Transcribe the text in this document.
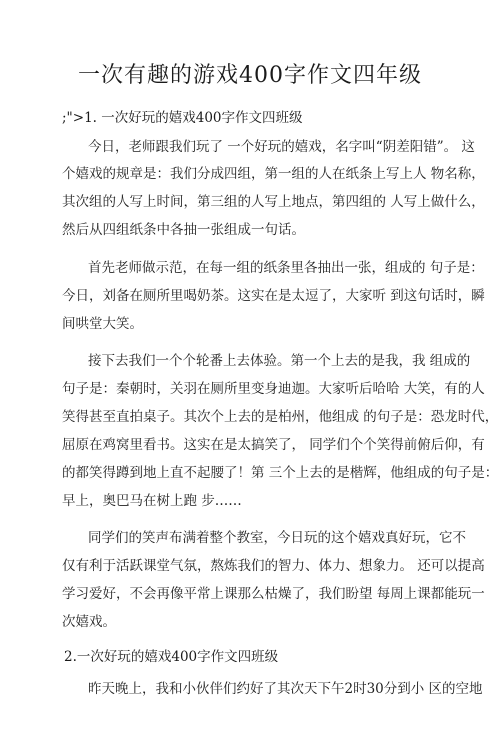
一次有趣的游戏400字作文四年级
;">1. 一次好玩的嬉戏400字作文四班级
今日，老师跟我们玩了 一个好玩的嬉戏，名字叫“阴差阳错”。 这
个嬉戏的规章是：我们分成四组，第一组的人在纸条上写上人 物名称，
其次组的人写上时间，第三组的人写上地点，第四组的 人写上做什么，
然后从四组纸条中各抽一张组成一句话。
首先老师做示范，在每一组的纸条里各抽出一张，组成的 句子是：
今日，刘备在厕所里喝奶茶。这实在是太逗了，大家听 到这句话时，瞬
间哄堂大笑。
接下去我们一个个轮番上去体验。第一个上去的是我，我 组成的
句子是：秦朝时，关羽在厕所里变身迪迦。大家听后哈哈 大笑，有的人
笑得甚至直拍桌子。其次个上去的是柏州，他组成 的句子是：恐龙时代，
屈原在鸡窝里看书。这实在是太搞笑了， 同学们个个笑得前俯后仰，有
的都笑得蹲到地上直不起腰了！第 三个上去的是楷辉，他组成的句子是：
早上，奥巴马在树上跑 步……
同学们的笑声布满着整个教室，今日玩的这个嬉戏真好玩，它不
仅有利于活跃课堂气氛，熬炼我们的智力、体力、想象力。 还可以提高
学习爱好，不会再像平常上课那么枯燥了，我们盼望 每周上课都能玩一
次嬉戏。
2.一次好玩的嬉戏400字作文四班级
昨天晚上，我和小伙伴们约好了其次天下午2时30分到小 区的空地
